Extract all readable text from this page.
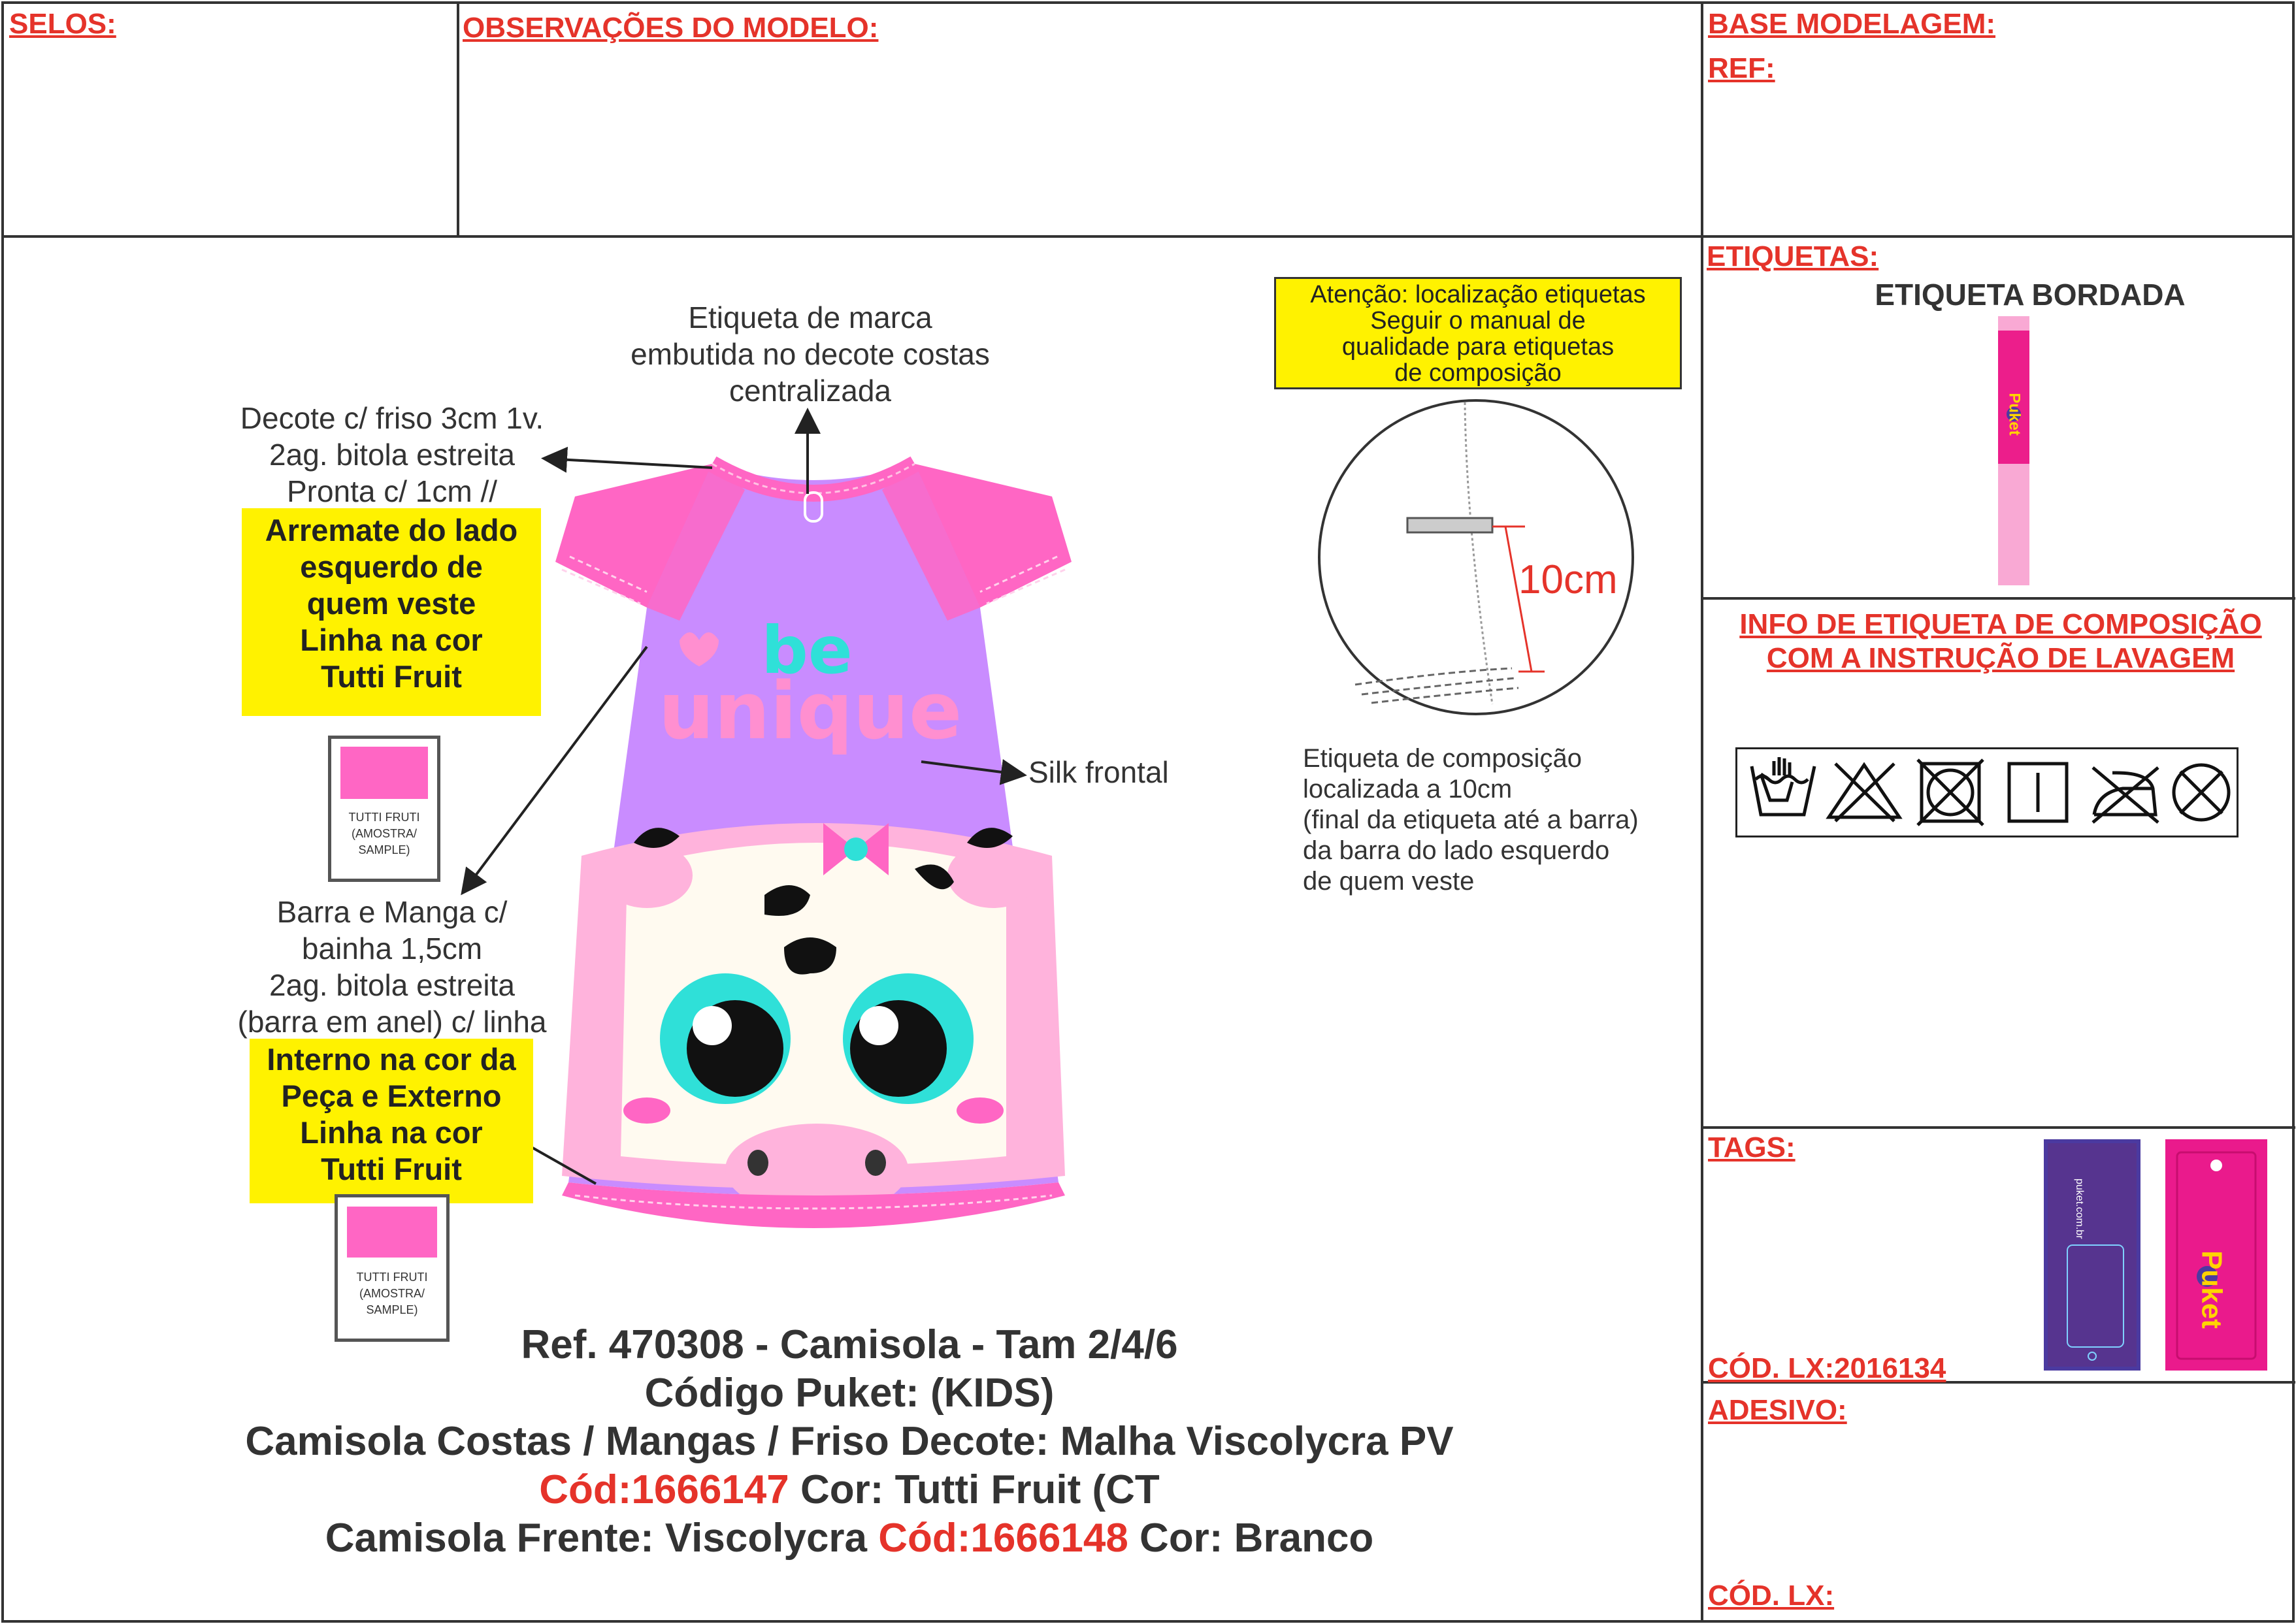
SELOS:	OBSERVAÇÕES DO MODELO:	BASE MODELAGEM:
REF:
ETIQUETAS:
ETIQUETA BORDADA
Puket
INFO DE ETIQUETA DE COMPOSIÇÃO
COM A INSTRUÇÃO DE LAVAGEM
TAGS:
CÓD. LX:2016134
puket.com.br
Puket
ADESIVO:
CÓD. LX:
be
unique
Etiqueta de marca
embutida no decote costas
centralizada
Decote c/ friso 3cm 1v.
2ag. bitola estreita
Pronta c/ 1cm //
Arremate do lado
esquerdo de
quem veste
Linha na cor
Tutti Fruit
TUTTI FRUTI
(AMOSTRA/
SAMPLE)
Barra e Manga c/
bainha 1,5cm
2ag. bitola estreita
(barra em anel) c/ linha
Interno na cor da
Peça e Externo
Linha na cor
Tutti Fruit
TUTTI FRUTI
(AMOSTRA/
SAMPLE)
Silk frontal
Atenção: localização etiquetas
Seguir o manual de
qualidade para etiquetas
de composição
10cm
Etiqueta de composição
localizada a 10cm
(final da etiqueta até a barra)
da barra do lado esquerdo
de quem veste
Ref. 470308 - Camisola - Tam 2/4/6
Código Puket: (KIDS)
Camisola Costas / Mangas / Friso Decote: Malha Viscolycra PV
Cód:1666147 Cor: Tutti Fruit (CT
Camisola Frente: Viscolycra Cód:1666148 Cor: Branco
